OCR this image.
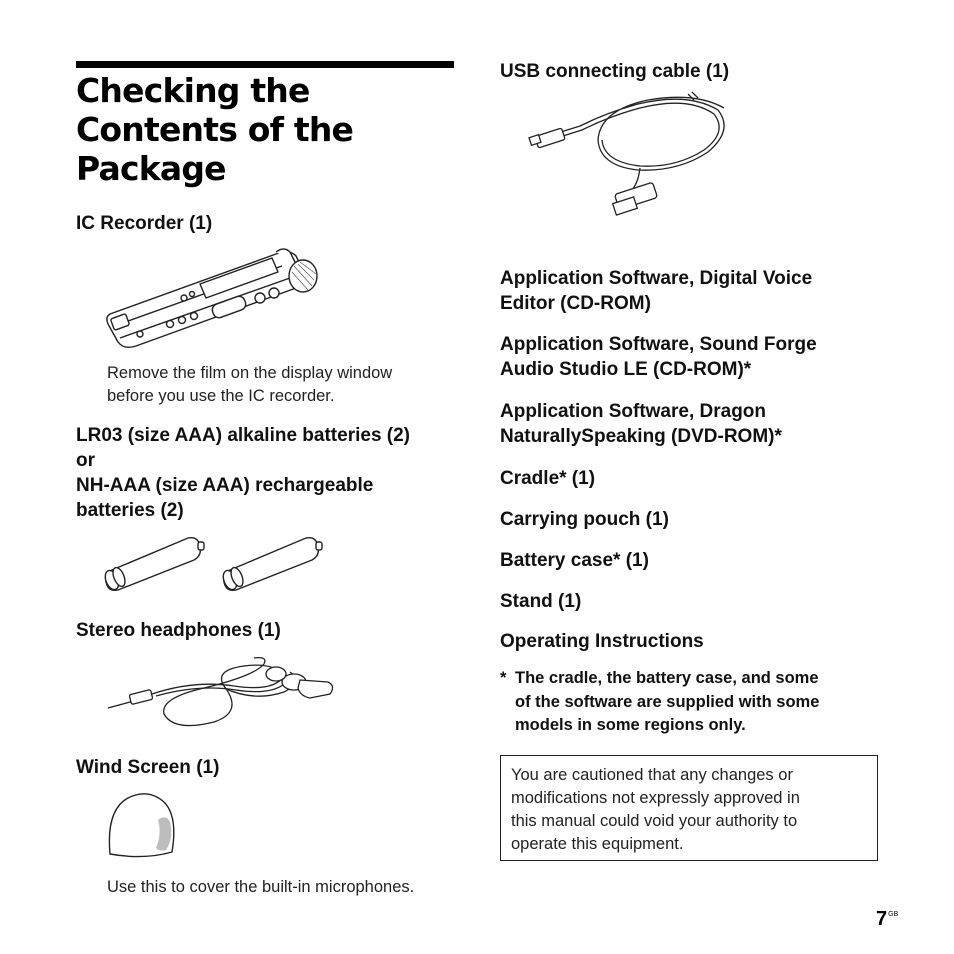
Checking the
Contents of the
Package
IC Recorder (1)
Remove the film on the display window
before you use the IC recorder.
LR03 (size AAA) alkaline batteries (2)
or
NH-AAA (size AAA) rechargeable
batteries (2)
Stereo headphones (1)
Wind Screen (1)
Use this to cover the built-in microphones.
USB connecting cable (1)
Application Software, Digital Voice
Editor (CD-ROM)
Application Software, Sound Forge
Audio Studio LE (CD-ROM)*
Application Software, Dragon
NaturallySpeaking (DVD-ROM)*
Cradle* (1)
Carrying pouch (1)
Battery case* (1)
Stand (1)
Operating Instructions
* The cradle, the battery case, and some
of the software are supplied with some
models in some regions only.
You are cautioned that any changes or
modifications not expressly approved in
this manual could void your authority to
operate this equipment.
$7^{GB}$
